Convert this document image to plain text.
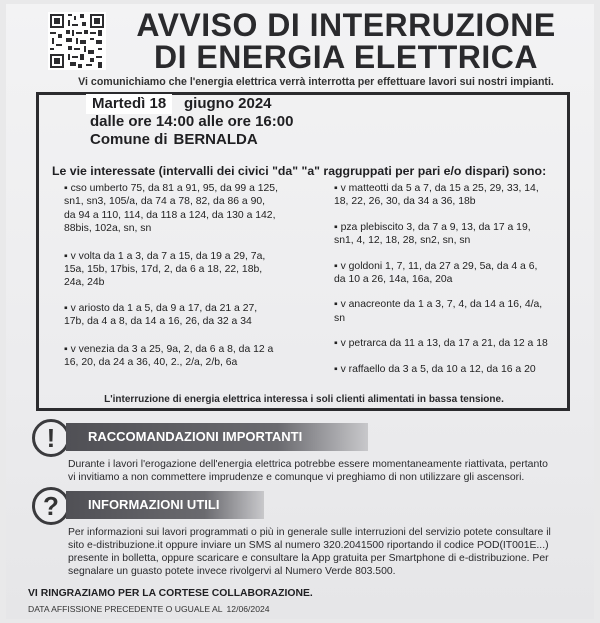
AVVISO DI INTERRUZIONE
DI ENERGIA ELETTRICA
Vi comunichiamo che l'energia elettrica verrà interrotta per effettuare lavori sui nostri impianti.
Martedì 18	giugno 2024
dalle ore 14:00 alle ore 16:00
Comune di BERNALDA
Le vie interessate (intervalli dei civici "da" "a" raggruppati per pari e/o dispari) sono:
▪ cso umberto 75, da 81 a 91, 95, da 99 a 125, sn1, sn3, 105/a, da 74 a 78, 82, da 86 a 90, da 94 a 110, 114, da 118 a 124, da 130 a 142, 88bis, 102a, sn, sn
▪ v volta da 1 a 3, da 7 a 15, da 19 a 29, 7a, 15a, 15b, 17bis, 17d, 2, da 6 a 18, 22, 18b, 24a, 24b
▪ v ariosto da 1 a 5, da 9 a 17, da 21 a 27, 17b, da 4 a 8, da 14 a 16, 26, da 32 a 34
▪ v venezia da 3 a 25, 9a, 2, da 6 a 8, da 12 a 16, 20, da 24 a 36, 40, 2., 2/a, 2/b, 6a
▪ v matteotti da 5 a 7, da 15 a 25, 29, 33, 14, 18, 22, 26, 30, da 34 a 36, 18b
▪ pza plebiscito 3, da 7 a 9, 13, da 17 a 19, sn1, 4, 12, 18, 28, sn2, sn, sn
▪ v goldoni 1, 7, 11, da 27 a 29, 5a, da 4 a 6, da 10 a 26, 14a, 16a, 20a
▪ v anacreonte da 1 a 3, 7, 4, da 14 a 16, 4/a, sn
▪ v petrarca da 11 a 13, da 17 a 21, da 12 a 18
▪ v raffaello da 3 a 5, da 10 a 12, da 16 a 20
L'interruzione di energia elettrica interessa i soli clienti alimentati in bassa tensione.
!	RACCOMANDAZIONI IMPORTANTI
Durante i lavori l'erogazione dell'energia elettrica potrebbe essere momentaneamente riattivata, pertanto vi invitiamo a non commettere imprudenze e comunque vi preghiamo di non utilizzare gli ascensori.
?	INFORMAZIONI UTILI
Per informazioni sui lavori programmati o più in generale sulle interruzioni del servizio potete consultare il sito e-distribuzione.it oppure inviare un SMS al numero 320.2041500 riportando il codice POD(IT001E...) presente in bolletta, oppure scaricare e consultare la App gratuita per Smartphone di e-distribuzione. Per segnalare un guasto potete invece rivolgervi al Numero Verde 803.500.
VI RINGRAZIAMO PER LA CORTESE COLLABORAZIONE.
DATA AFFISSIONE PRECEDENTE O UGUALE AL 12/06/2024
